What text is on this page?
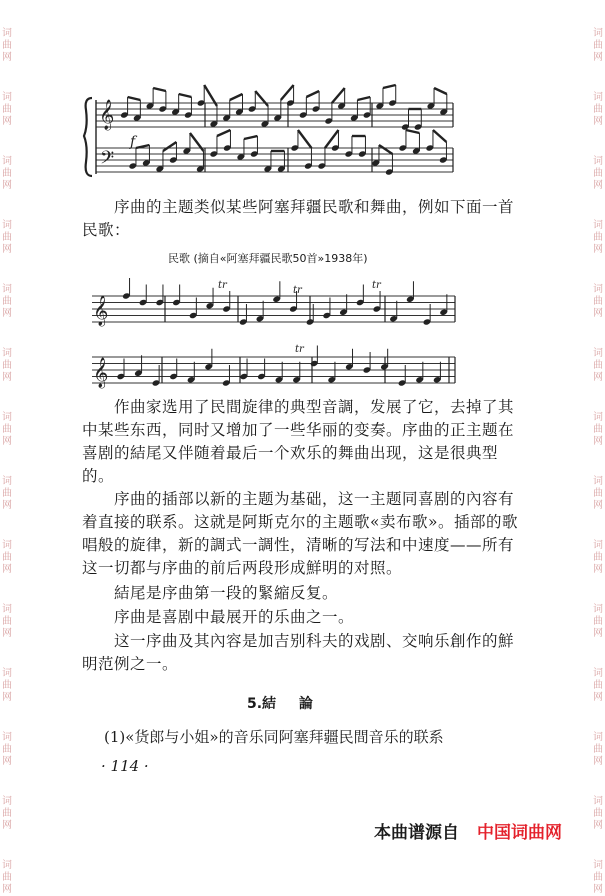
词
曲
网
词
曲
网
词
曲
网
词
曲
网
词
曲
网
词
曲
网
词
曲
网
词
曲
网
词
曲
网
词
曲
网
词
曲
网
词
曲
网
词
曲
网
词
曲
网
词
曲
网
词
曲
网
词
曲
网
词
曲
网
词
曲
网
词
曲
网
词
曲
网
词
曲
网
词
曲
网
词
曲
网
词
曲
网
词
曲
网
词
曲
网
词
曲
网
𝄞
𝄢
f
𝄞
𝄞
tr	tr	tr
tr
民歌 (摘自«阿塞拜疆民歌50首»1938年)
序曲的主题类似某些阿塞拜疆民歌和舞曲，例如下面一首
民歌：
作曲家选用了民間旋律的典型音調，发展了它，去掉了其
中某些东西，同时又增加了一些华丽的变奏。序曲的正主题在
喜剧的結尾又伴随着最后一个欢乐的舞曲出现，这是很典型
的。
序曲的插部以新的主题为基础，这一主题同喜剧的內容有
着直接的联系。这就是阿斯克尔的主题歌«卖布歌»。插部的歌
唱般的旋律，新的調式一調性，清晰的写法和中速度——所有
这一切都与序曲的前后两段形成鮮明的对照。
結尾是序曲第一段的緊縮反复。
序曲是喜剧中最展开的乐曲之一。
这一序曲及其內容是加吉别科夫的戏剧、交响乐創作的鮮
明范例之一。
5.結 論
(1)«货郎与小姐»的音乐同阿塞拜疆民間音乐的联系
· 114 ·
本曲谱源自 中国词曲网
